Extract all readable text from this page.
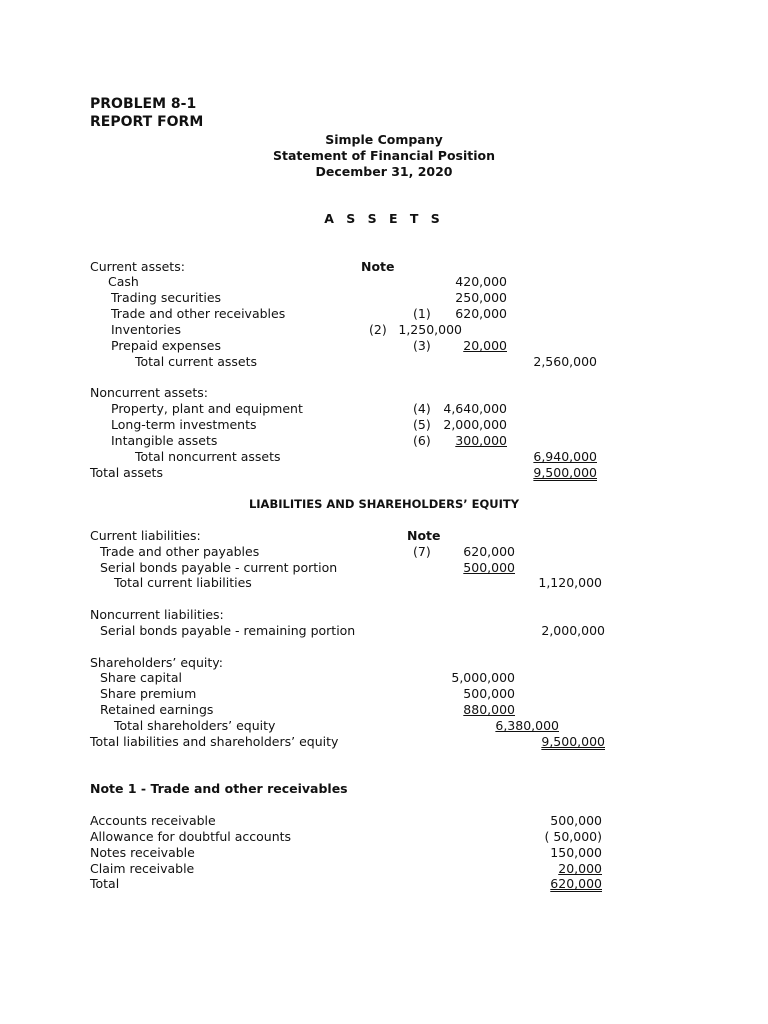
PROBLEM 8-1
REPORT FORM
Simple Company
Statement of Financial Position
December 31, 2020
A S S E T S
Current assets:	Note
Cash	420,000
Trading securities	250,000
Trade and other receivables	(1)	620,000
Inventories	(2) 1,250,000
Prepaid expenses	(3)	20,000
Total current assets	2,560,000
Noncurrent assets:
Property, plant and equipment	(4)	4,640,000
Long-term investments	(5)	2,000,000
Intangible assets	(6)	300,000
Total noncurrent assets	6,940,000
Total assets	9,500,000
LIABILITIES AND SHAREHOLDERS’ EQUITY
Current liabilities:	Note
Trade and other payables	(7)	620,000
Serial bonds payable - current portion	500,000
Total current liabilities	1,120,000
Noncurrent liabilities:
Serial bonds payable - remaining portion	2,000,000
Shareholders’ equity:
Share capital	5,000,000
Share premium	500,000
Retained earnings	880,000
Total shareholders’ equity	6,380,000
Total liabilities and shareholders’ equity	9,500,000
Note 1 - Trade and other receivables
Accounts receivable	500,000
Allowance for doubtful accounts	( 50,000)
Notes receivable	150,000
Claim receivable	20,000
Total	620,000
